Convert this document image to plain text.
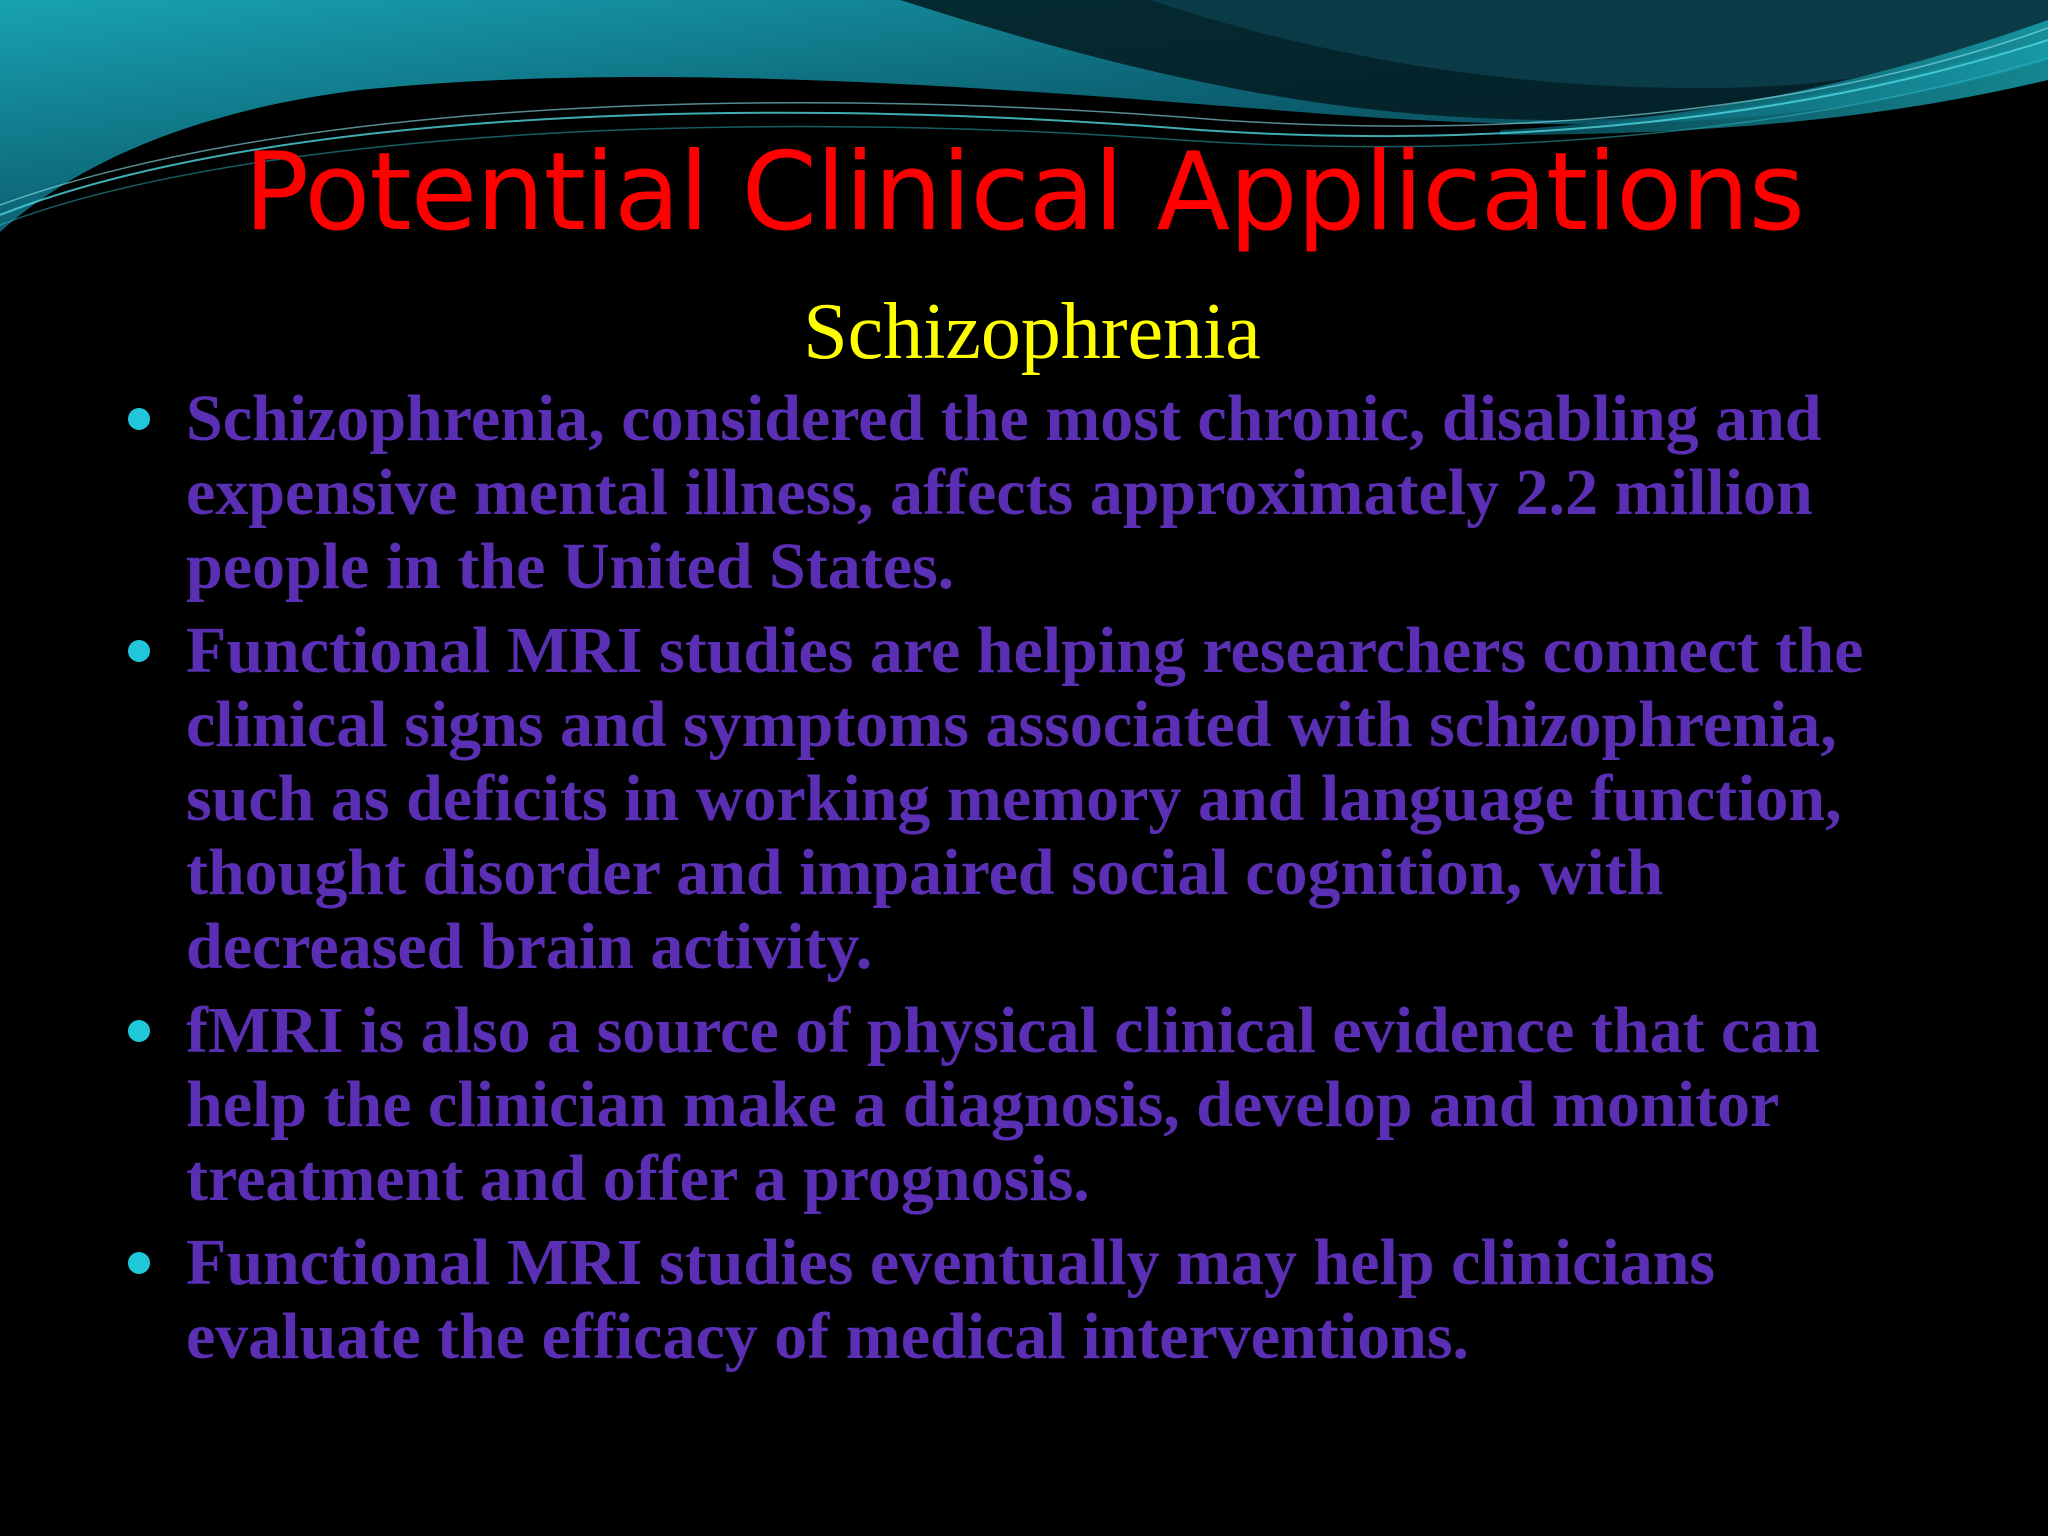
Potential Clinical Applications
Schizophrenia
Schizophrenia, considered the most chronic, disabling and expensive mental illness, affects approximately 2.2 million people in the United States.
Functional MRI studies are helping researchers connect the clinical signs and symptoms associated with schizophrenia, such as deficits in working memory and language function, thought disorder and impaired social cognition, with decreased brain activity.
fMRI is also a source of physical clinical evidence that can help the clinician make a diagnosis, develop and monitor treatment and offer a prognosis.
Functional MRI studies eventually may help clinicians evaluate the efficacy of medical interventions.
